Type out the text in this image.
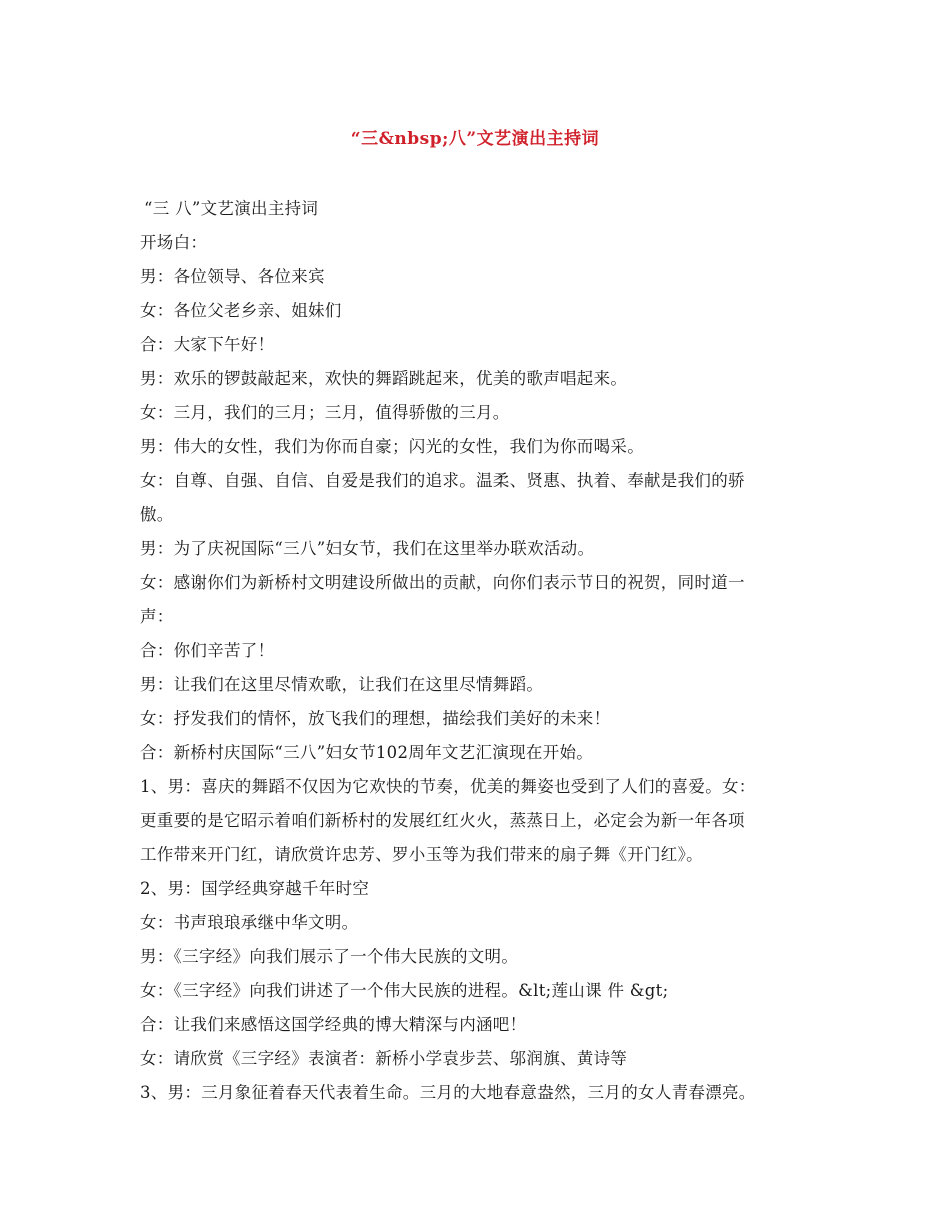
“三&nbsp;八”文艺演出主持词
“三 八”文艺演出主持词
开场白：
男：各位领导、各位来宾
女：各位父老乡亲、姐妹们
合：大家下午好！
男：欢乐的锣鼓敲起来，欢快的舞蹈跳起来，优美的歌声唱起来。
女：三月，我们的三月；三月，值得骄傲的三月。
男：伟大的女性，我们为你而自豪；闪光的女性，我们为你而喝采。
女：自尊、自强、自信、自爱是我们的追求。温柔、贤惠、执着、奉献是我们的骄
傲。
男：为了庆祝国际“三八”妇女节，我们在这里举办联欢活动。
女：感谢你们为新桥村文明建设所做出的贡献，向你们表示节日的祝贺，同时道一
声：
合：你们辛苦了！
男：让我们在这里尽情欢歌，让我们在这里尽情舞蹈。
女：抒发我们的情怀，放飞我们的理想，描绘我们美好的未来！
合：新桥村庆国际“三八”妇女节102周年文艺汇演现在开始。
1、男：喜庆的舞蹈不仅因为它欢快的节奏，优美的舞姿也受到了人们的喜爱。女：
更重要的是它昭示着咱们新桥村的发展红红火火，蒸蒸日上，必定会为新一年各项
工作带来开门红，请欣赏许忠芳、罗小玉等为我们带来的扇子舞《开门红》。
2、男：国学经典穿越千年时空
女：书声琅琅承继中华文明。
男：《三字经》向我们展示了一个伟大民族的文明。
女：《三字经》向我们讲述了一个伟大民族的进程。&lt;莲山课 件 &gt;
合：让我们来感悟这国学经典的博大精深与内涵吧！
女：请欣赏《三字经》表演者：新桥小学袁步芸、邬润旗、黄诗等
3、男：三月象征着春天代表着生命。三月的大地春意盎然，三月的女人青春漂亮。
